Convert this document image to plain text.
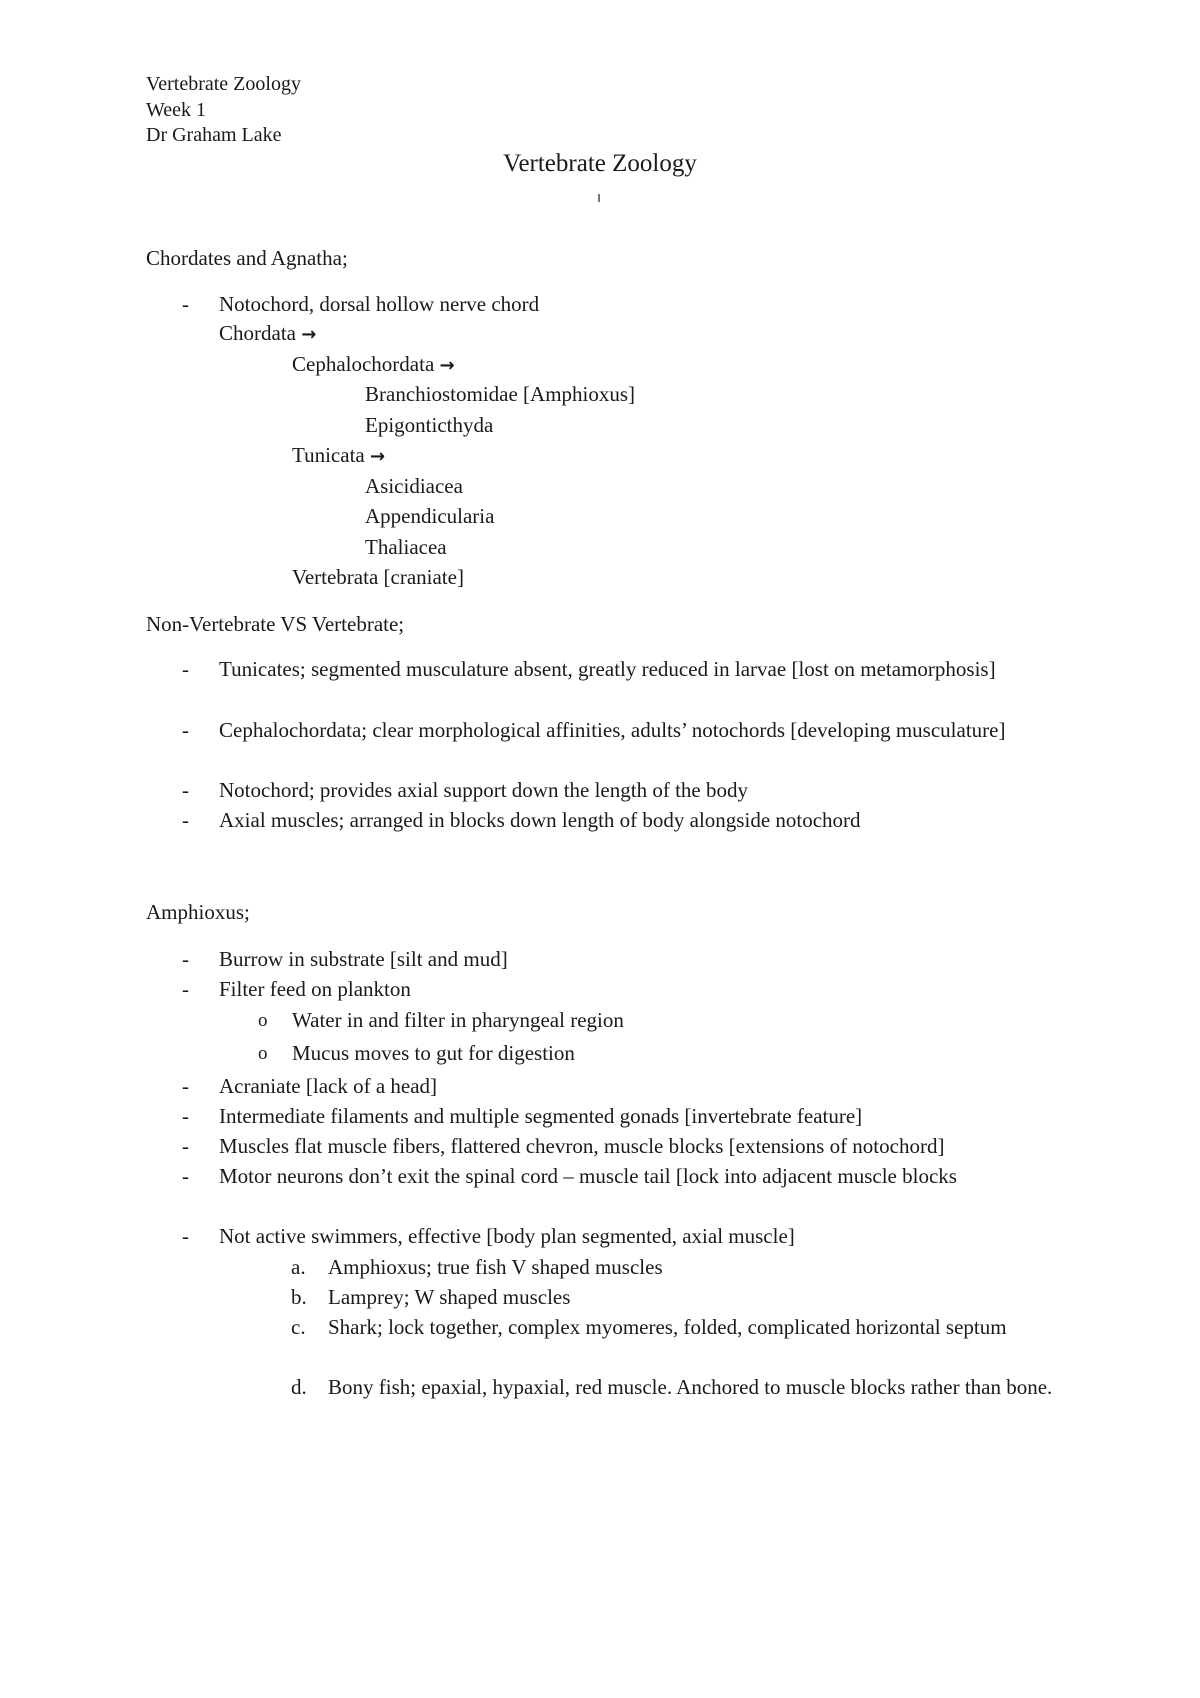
Vertebrate Zoology
Week 1
Dr Graham Lake
Vertebrate Zoology
Chordates and Agnatha;
- Notochord, dorsal hollow nerve chord
Chordata →
Cephalochordata →
Branchiostomidae [Amphioxus]
Epigonticthyda
Tunicata →
Asicidiacea
Appendicularia
Thaliacea
Vertebrata [craniate]
Non-Vertebrate VS Vertebrate;
- Tunicates; segmented musculature absent, greatly reduced in larvae [lost on metamorphosis]
- Cephalochordata; clear morphological affinities, adults’ notochords [developing musculature]
- Notochord; provides axial support down the length of the body
- Axial muscles; arranged in blocks down length of body alongside notochord
Amphioxus;
- Burrow in substrate [silt and mud]
- Filter feed on plankton
o Water in and filter in pharyngeal region
o Mucus moves to gut for digestion
- Acraniate [lack of a head]
- Intermediate filaments and multiple segmented gonads [invertebrate feature]
- Muscles flat muscle fibers, flattered chevron, muscle blocks [extensions of notochord]
- Motor neurons don’t exit the spinal cord – muscle tail [lock into adjacent muscle blocks
- Not active swimmers, effective [body plan segmented, axial muscle]
a. Amphioxus; true fish V shaped muscles
b. Lamprey; W shaped muscles
c. Shark; lock together, complex myomeres, folded, complicated horizontal septum
d. Bony fish; epaxial, hypaxial, red muscle. Anchored to muscle blocks rather than bone.
